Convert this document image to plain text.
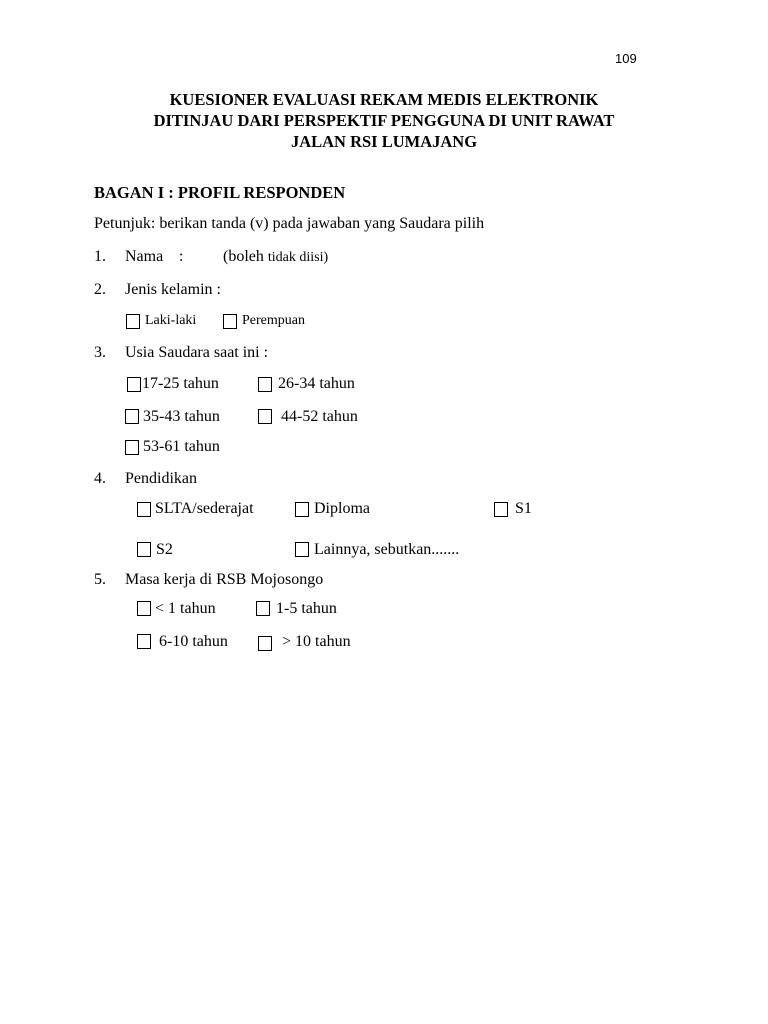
109
KUESIONER EVALUASI REKAM MEDIS ELEKTRONIK
DITINJAU DARI PERSPEKTIF PENGGUNA DI UNIT RAWAT
JALAN RSI LUMAJANG
BAGAN I : PROFIL RESPONDEN
Petunjuk: berikan tanda (v) pada jawaban yang Saudara pilih
1. Nama : (boleh tidak diisi)
2. Jenis kelamin :
Laki-laki	Perempuan
3. Usia Saudara saat ini :
17-25 tahun	26-34 tahun
35-43 tahun	44-52 tahun
53-61 tahun
4. Pendidikan
SLTA/sederajat	Diploma	S1
S2	Lainnya, sebutkan.......
5. Masa kerja di RSB Mojosongo
< 1 tahun	1-5 tahun
6-10 tahun	> 10 tahun
